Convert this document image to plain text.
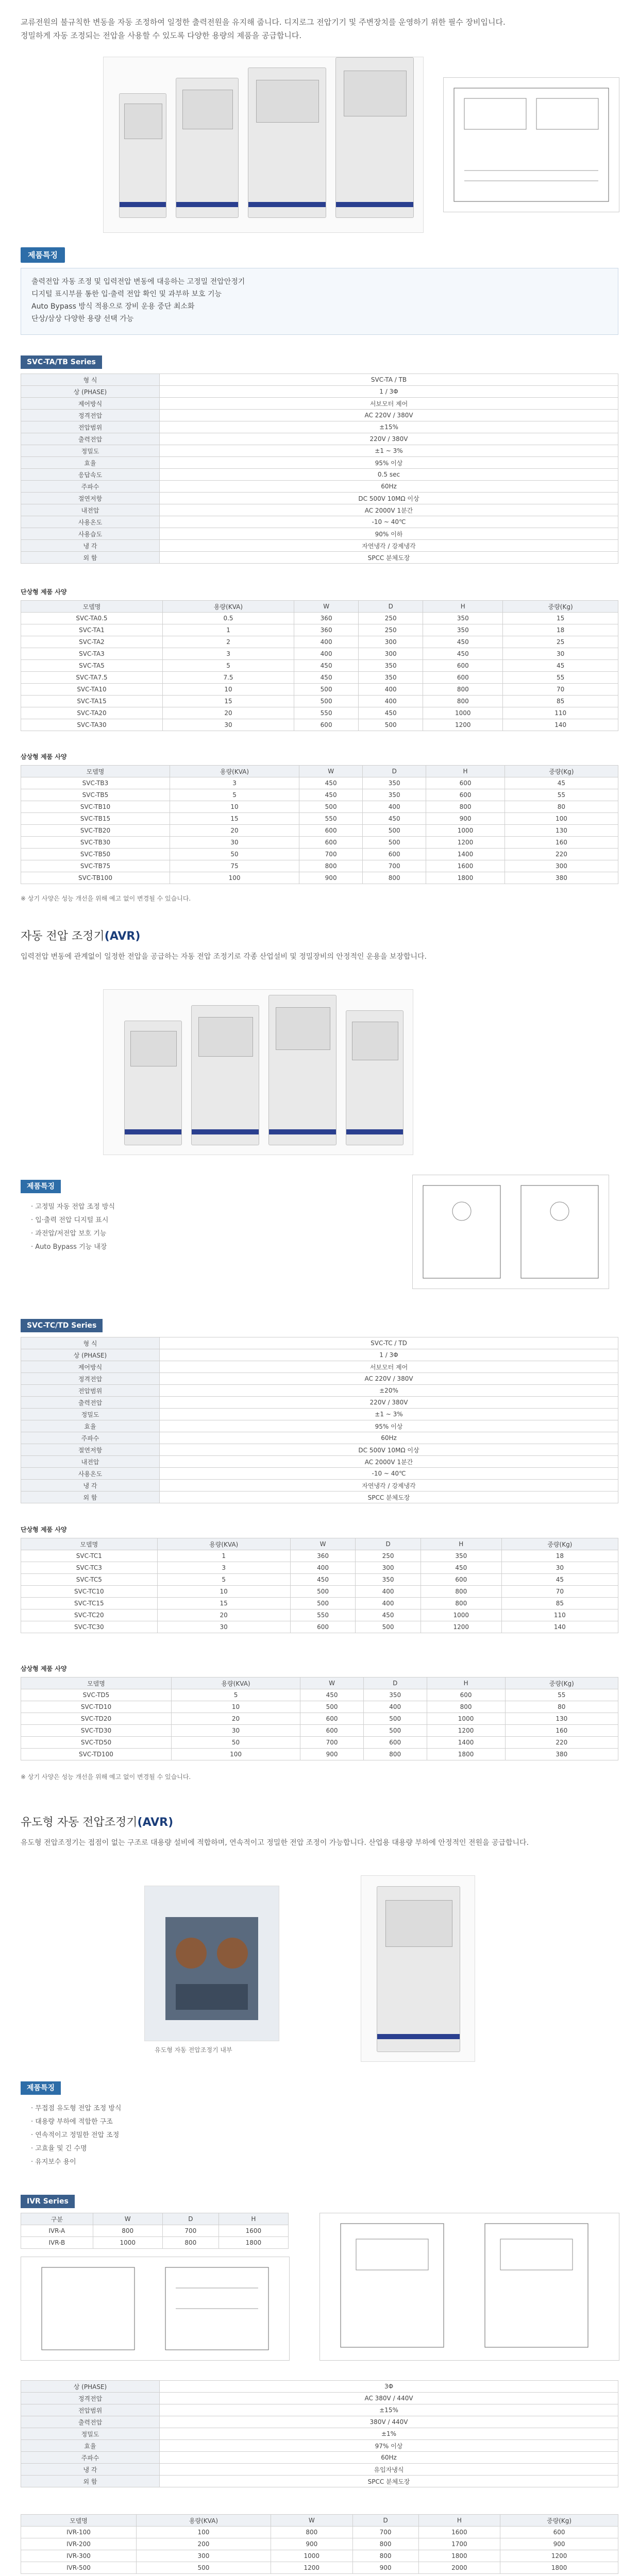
교류전원의 불규칙한 변동을 자동 조정하여 일정한 출력전원을 유지해 줍니다. 디지로그 전압기기 및 주변장치를 운영하기 위한 필수 장비입니다.
정밀하게 자동 조정되는 전압을 사용할 수 있도록 다양한 용량의 제품을 공급합니다.
제품특징
출력전압 자동 조정 및 입력전압 변동에 대응하는 고정밀 전압안정기
디지털 표시부를 통한 입·출력 전압 확인 및 과부하 보호 기능
Auto Bypass 방식 적용으로 장비 운용 중단 최소화
단상/삼상 다양한 용량 선택 가능
SVC-TA/TB Series
형 식	SVC-TA / TB
상 (PHASE)	1 / 3Φ
제어방식	서보모터 제어
정격전압	AC 220V / 380V
전압범위	±15%
출력전압	220V / 380V
정밀도	±1 ~ 3%
효율	95% 이상
응답속도	0.5 sec
주파수	60Hz
절연저항	DC 500V 10MΩ 이상
내전압	AC 2000V 1분간
사용온도	-10 ~ 40℃
사용습도	90% 이하
냉 각	자연냉각 / 강제냉각
외 함	SPCC 분체도장
단상형 제품 사양
모델명	용량(KVA)	W	D	H	중량(Kg)
SVC-TA0.5	0.5	360	250	350	15
SVC-TA1	1	360	250	350	18
SVC-TA2	2	400	300	450	25
SVC-TA3	3	400	300	450	30
SVC-TA5	5	450	350	600	45
SVC-TA7.5	7.5	450	350	600	55
SVC-TA10	10	500	400	800	70
SVC-TA15	15	500	400	800	85
SVC-TA20	20	550	450	1000	110
SVC-TA30	30	600	500	1200	140
삼상형 제품 사양
모델명	용량(KVA)	W	D	H	중량(Kg)
SVC-TB3	3	450	350	600	45
SVC-TB5	5	450	350	600	55
SVC-TB10	10	500	400	800	80
SVC-TB15	15	550	450	900	100
SVC-TB20	20	600	500	1000	130
SVC-TB30	30	600	500	1200	160
SVC-TB50	50	700	600	1400	220
SVC-TB75	75	800	700	1600	300
SVC-TB100	100	900	800	1800	380
※ 상기 사양은 성능 개선을 위해 예고 없이 변경될 수 있습니다.
자동 전압 조정기(AVR)
입력전압 변동에 관계없이 일정한 전압을 공급하는 자동 전압 조정기로 각종 산업설비 및 정밀장비의 안정적인 운용을 보장합니다.
제품특징
· 고정밀 자동 전압 조정 방식
· 입·출력 전압 디지털 표시
· 과전압/저전압 보호 기능
· Auto Bypass 기능 내장
SVC-TC/TD Series
형 식	SVC-TC / TD
상 (PHASE)	1 / 3Φ
제어방식	서보모터 제어
정격전압	AC 220V / 380V
전압범위	±20%
출력전압	220V / 380V
정밀도	±1 ~ 3%
효율	95% 이상
주파수	60Hz
절연저항	DC 500V 10MΩ 이상
내전압	AC 2000V 1분간
사용온도	-10 ~ 40℃
냉 각	자연냉각 / 강제냉각
외 함	SPCC 분체도장
단상형 제품 사양
모델명	용량(KVA)	W	D	H	중량(Kg)
SVC-TC1	1	360	250	350	18
SVC-TC3	3	400	300	450	30
SVC-TC5	5	450	350	600	45
SVC-TC10	10	500	400	800	70
SVC-TC15	15	500	400	800	85
SVC-TC20	20	550	450	1000	110
SVC-TC30	30	600	500	1200	140
삼상형 제품 사양
모델명	용량(KVA)	W	D	H	중량(Kg)
SVC-TD5	5	450	350	600	55
SVC-TD10	10	500	400	800	80
SVC-TD20	20	600	500	1000	130
SVC-TD30	30	600	500	1200	160
SVC-TD50	50	700	600	1400	220
SVC-TD100	100	900	800	1800	380
※ 상기 사양은 성능 개선을 위해 예고 없이 변경될 수 있습니다.
유도형 자동 전압조정기(AVR)
유도형 전압조정기는 접점이 없는 구조로 대용량 설비에 적합하며, 연속적이고 정밀한 전압 조정이 가능합니다. 산업용 대용량 부하에 안정적인 전원을 공급합니다.
유도형 자동 전압조정기 내부
제품특징
· 무접점 유도형 전압 조정 방식
· 대용량 부하에 적합한 구조
· 연속적이고 정밀한 전압 조정
· 고효율 및 긴 수명
· 유지보수 용이
IVR Series
구분	W	D	H
IVR-A	800	700	1600
IVR-B	1000	800	1800
상 (PHASE)	3Φ
정격전압	AC 380V / 440V
전압범위	±15%
출력전압	380V / 440V
정밀도	±1%
효율	97% 이상
주파수	60Hz
냉 각	유입자냉식
외 함	SPCC 분체도장
모델명	용량(KVA)	W	D	H	중량(Kg)
IVR-100	100	800	700	1600	600
IVR-200	200	900	800	1700	900
IVR-300	300	1000	800	1800	1200
IVR-500	500	1200	900	2000	1800
